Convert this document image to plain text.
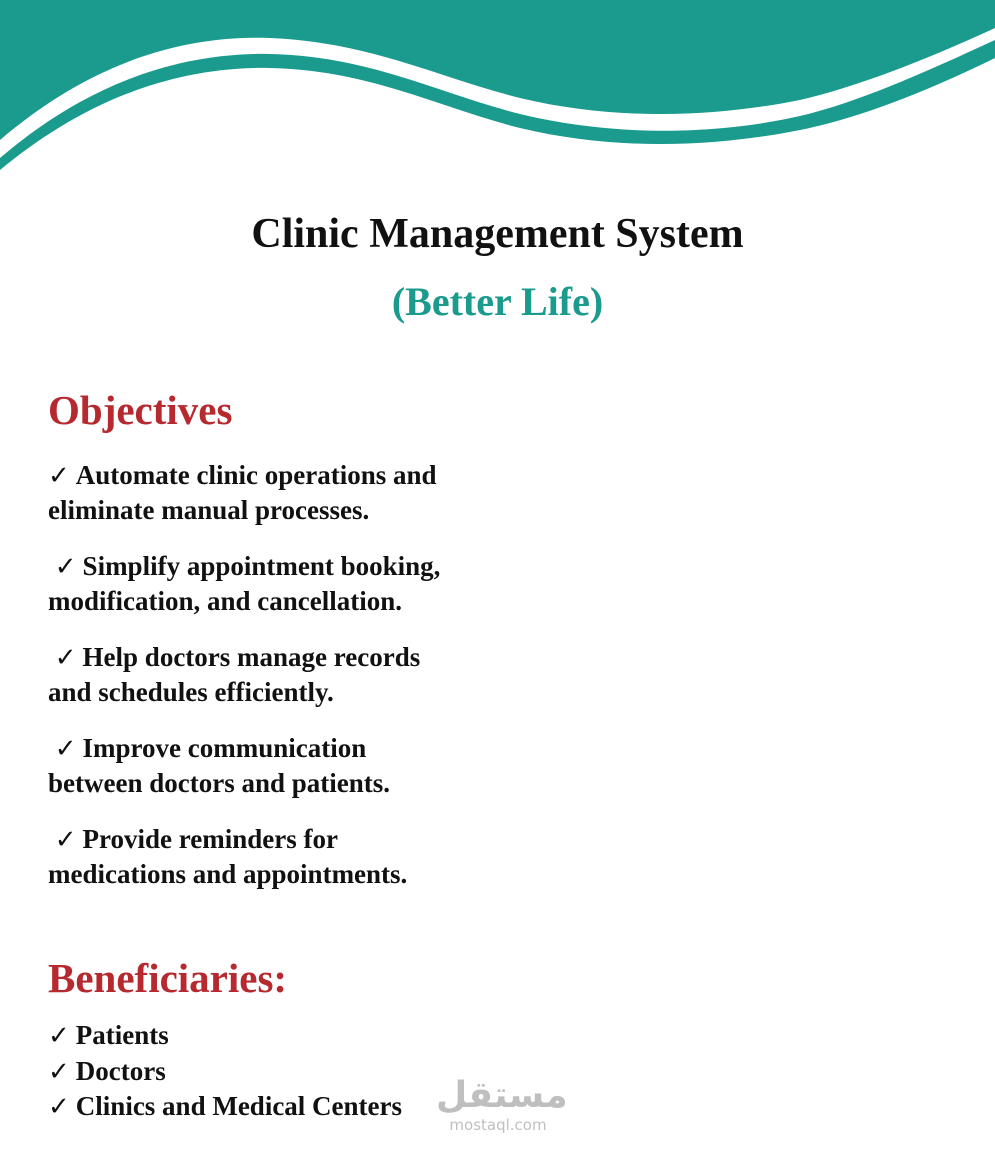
Clinic Management System
(Better Life)
Objectives
✓ Automate clinic operations and
eliminate manual processes.
✓ Simplify appointment booking,
modification, and cancellation.
✓ Help doctors manage records
and schedules efficiently.
✓ Improve communication
between doctors and patients.
✓ Provide reminders for
medications and appointments.
Beneficiaries:
✓ Patients
✓ Doctors
✓ Clinics and Medical Centers مستقل
mostaql.com
